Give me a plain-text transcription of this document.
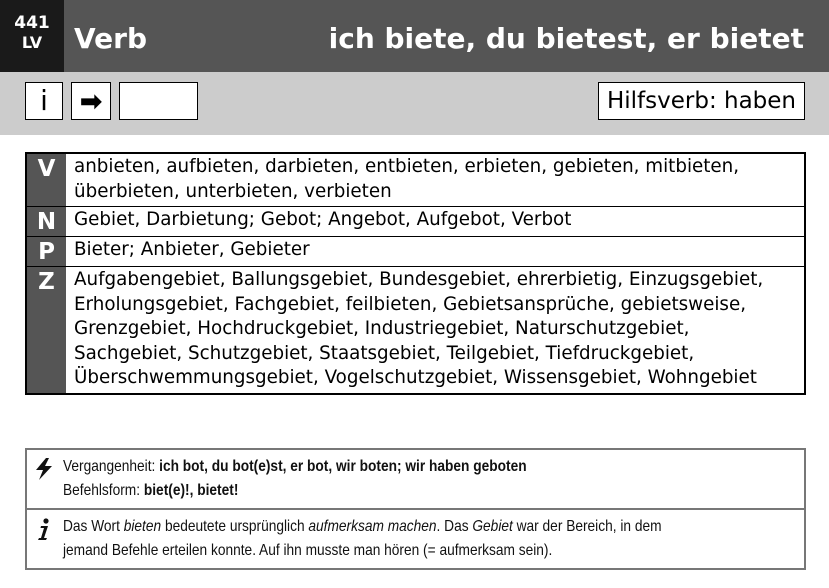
441
LV	Verb	ich biete, du bietest, er bietet
i	➡	Hilfsverb: haben
V	anbieten, aufbieten, darbieten, entbieten, erbieten, gebieten, mitbieten, überbieten, unterbieten, verbieten
N Gebiet, Darbietung; Gebot; Angebot, Aufgebot, Verbot
P	Bieter; Anbieter, Gebieter
Z	Aufgabengebiet, Ballungsgebiet, Bundesgebiet, ehrerbietig, Einzugsgebiet, Erholungsgebiet, Fachgebiet, feilbieten, Gebietsansprüche, gebietsweise, Grenzgebiet, Hochdruckgebiet, Industriegebiet, Naturschutzgebiet, Sachgebiet, Schutzgebiet, Staatsgebiet, Teilgebiet, Tiefdruckgebiet, Überschwemmungsgebiet, Vogelschutzgebiet, Wissensgebiet, Wohngebiet
Vergangenheit: ich bot, du bot(e)st, er bot, wir boten; wir haben geboten
Befehlsform: biet(e)!, bietet!
Das Wort bieten bedeutete ursprünglich aufmerksam machen. Das Gebiet war der Bereich, in dem jemand Befehle erteilen konnte. Auf ihn musste man hören (= aufmerksam sein).
